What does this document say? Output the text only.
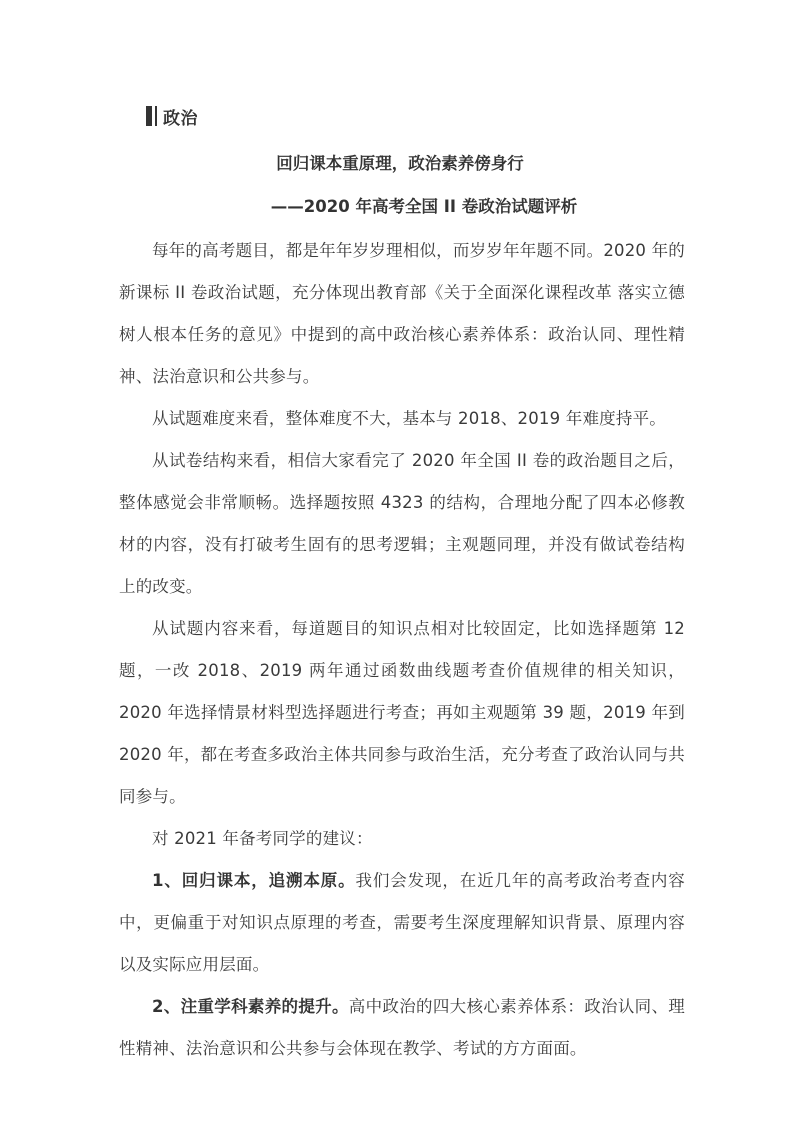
政治
回归课本重原理，政治素养傍身行
——2020 年高考全国 II 卷政治试题评析

每年的高考题目，都是年年岁岁理相似，而岁岁年年题不同。2020 年的新课标 II 卷政治试题，充分体现出教育部《关于全面深化课程改革 落实立德树人根本任务的意见》中提到的高中政治核心素养体系：政治认同、理性精神、法治意识和公共参与。

从试题难度来看，整体难度不大，基本与 2018、2019 年难度持平。

从试卷结构来看，相信大家看完了 2020 年全国 II 卷的政治题目之后，整体感觉会非常顺畅。选择题按照 4323 的结构，合理地分配了四本必修教材的内容，没有打破考生固有的思考逻辑；主观题同理，并没有做试卷结构上的改变。

从试题内容来看，每道题目的知识点相对比较固定，比如选择题第 12 题，一改 2018、2019 两年通过函数曲线题考查价值规律的相关知识，2020 年选择情景材料型选择题进行考查；再如主观题第 39 题，2019 年到 2020 年，都在考查多政治主体共同参与政治生活，充分考查了政治认同与共同参与。

对 2021 年备考同学的建议：

1、回归课本，追溯本原。我们会发现，在近几年的高考政治考查内容中，更偏重于对知识点原理的考查，需要考生深度理解知识背景、原理内容以及实际应用层面。

2、注重学科素养的提升。高中政治的四大核心素养体系：政治认同、理性精神、法治意识和公共参与会体现在教学、考试的方方面面。
